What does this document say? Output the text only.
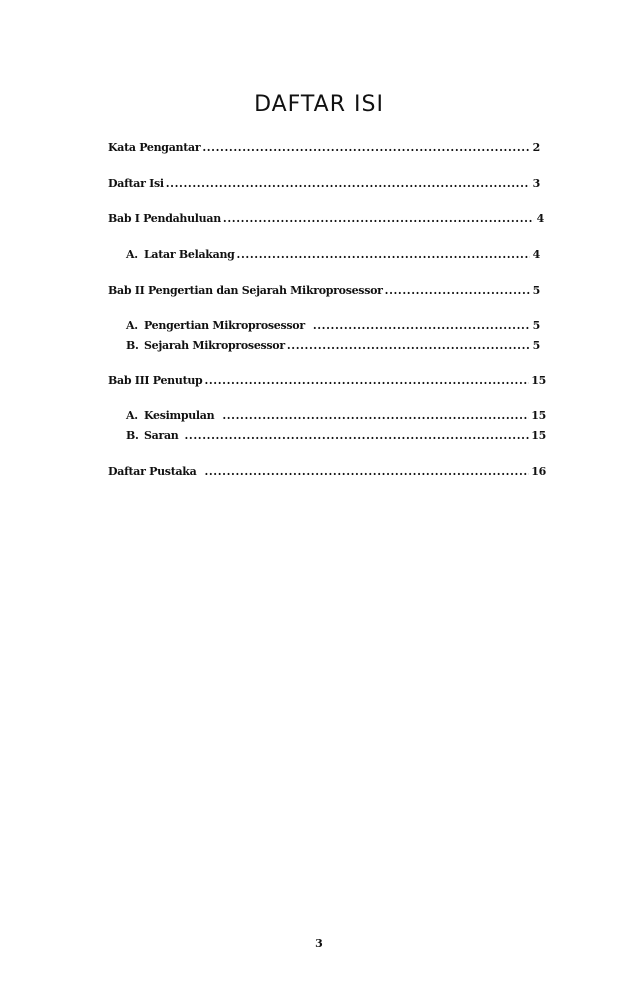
DAFTAR ISI
Kata Pengantar .....	2
Daftar Isi .....	3
Bab I Pendahuluan .....	4
A. Latar Belakang .....	4
Bab II Pengertian dan Sejarah Mikroprosessor .....	5
A. Pengertian Mikroprosessor .....	5
B. Sejarah Mikroprosessor .....	5
Bab III Penutup .....	15
A. Kesimpulan .....	15
B. Saran .....	15
Daftar Pustaka .....	16
3
